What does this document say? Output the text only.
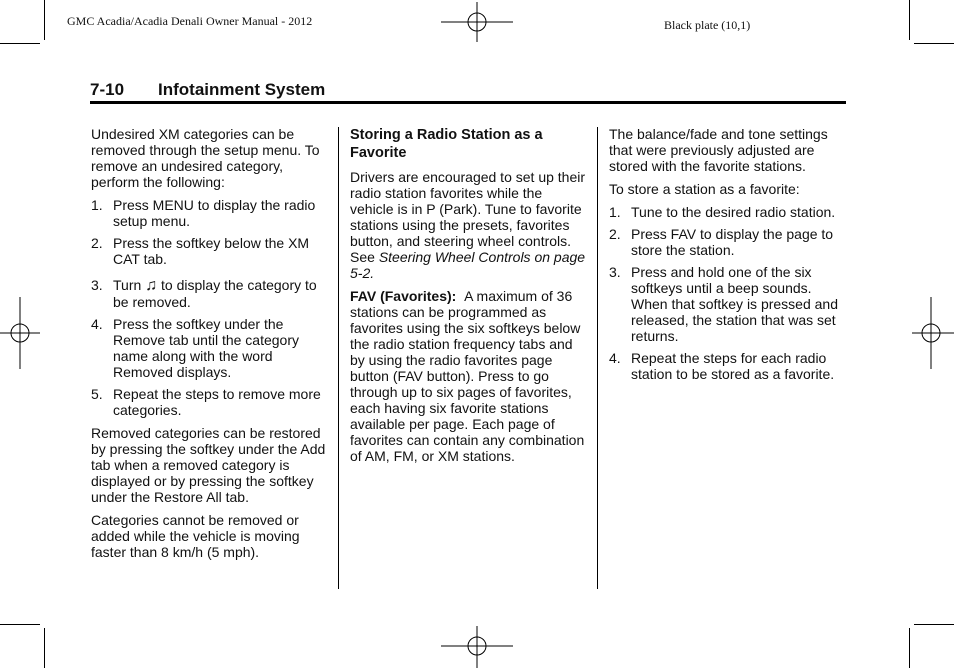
GMC Acadia/Acadia Denali Owner Manual - 2012	Black plate (10,1)
7-10 Infotainment System

Undesired XM categories can be removed through the setup menu. To remove an undesired category, perform the following:

1. Press MENU to display the radio setup menu.
2. Press the softkey below the XM CAT tab.
3. Turn ♫ to display the category to be removed.
4. Press the softkey under the Remove tab until the category name along with the word Removed displays.
5. Repeat the steps to remove more categories.

Removed categories can be restored by pressing the softkey under the Add tab when a removed category is displayed or by pressing the softkey under the Restore All tab.

Categories cannot be removed or added while the vehicle is moving faster than 8 km/h (5 mph).

Storing a Radio Station as a Favorite

Drivers are encouraged to set up their radio station favorites while the vehicle is in P (Park). Tune to favorite stations using the presets, favorites button, and steering wheel controls. See Steering Wheel Controls on page 5-2.

FAV (Favorites): A maximum of 36 stations can be programmed as favorites using the six softkeys below the radio station frequency tabs and by using the radio favorites page button (FAV button). Press to go through up to six pages of favorites, each having six favorite stations available per page. Each page of favorites can contain any combination of AM, FM, or XM stations.

The balance/fade and tone settings that were previously adjusted are stored with the favorite stations.

To store a station as a favorite:

1. Tune to the desired radio station.
2. Press FAV to display the page to store the station.
3. Press and hold one of the six softkeys until a beep sounds. When that softkey is pressed and released, the station that was set returns.
4. Repeat the steps for each radio station to be stored as a favorite.
